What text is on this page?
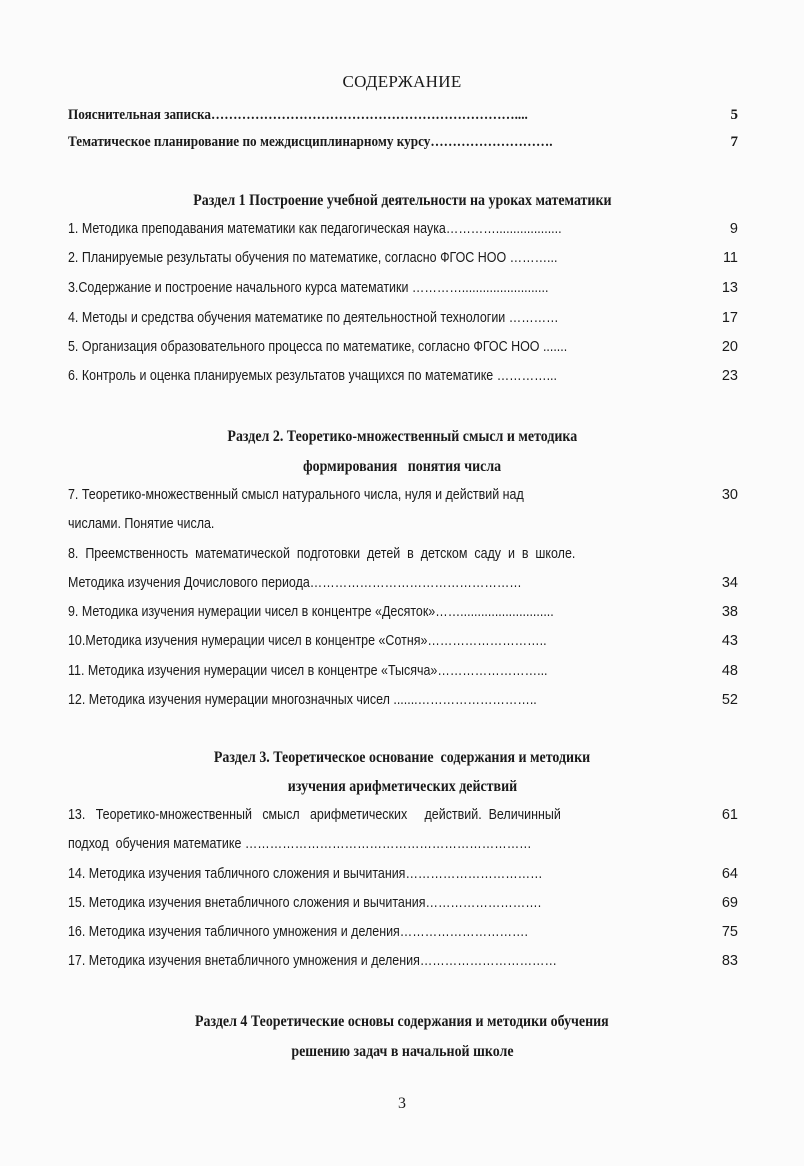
СОДЕРЖАНИЕ
Пояснительная записка……………………………………………………………....	5
Тематическое планирование по междисциплинарному курсу……………………….	7
Раздел 1 Построение учебной деятельности на уроках математики
1. Методика преподавания математики как педагогическая наука…………...................	9
2. Планируемые результаты обучения по математике, согласно ФГОС НОО ………...	11
3.Содержание и построение начального курса математики ………….........................	13
4. Методы и средства обучения математике по деятельностной технологии …………	17
5. Организация образовательного процесса по математике, согласно ФГОС НОО .......	20
6. Контроль и оценка планируемых результатов учащихся по математике …………...	23
Раздел 2. Теоретико-множественный смысл и методика
формирования   понятия числа
7. Теоретико-множественный смысл натурального числа, нуля и действий над	30
числами. Понятие числа.
8.  Преемственность  математической  подготовки  детей  в  детском  саду  и  в  школе.
Методика изучения Дочислового периода……………………………………………	34
9. Методика изучения нумерации чисел в концентре «Десяток»……...........................	38
10.Методика изучения нумерации чисел в концентре «Сотня»………………………..	43
11. Методика изучения нумерации чисел в концентре «Тысяча»……………………...	48
12. Методика изучения нумерации многозначных чисел .......………………………..	52
Раздел 3. Теоретическое основание  содержания и методики
изучения арифметических действий
13.   Теоретико-множественный   смысл   арифметических     действий.  Величинный	61
подход  обучения математике ……………………………………………………………
14. Методика изучения табличного сложения и вычитания……………………………	64
15. Методика изучения внетабличного сложения и вычитания……………………….	69
16. Методика изучения табличного умножения и деления………………………….	75
17. Методика изучения внетабличного умножения и деления……………………………	83
Раздел 4 Теоретические основы содержания и методики обучения
решению задач в начальной школе
3
